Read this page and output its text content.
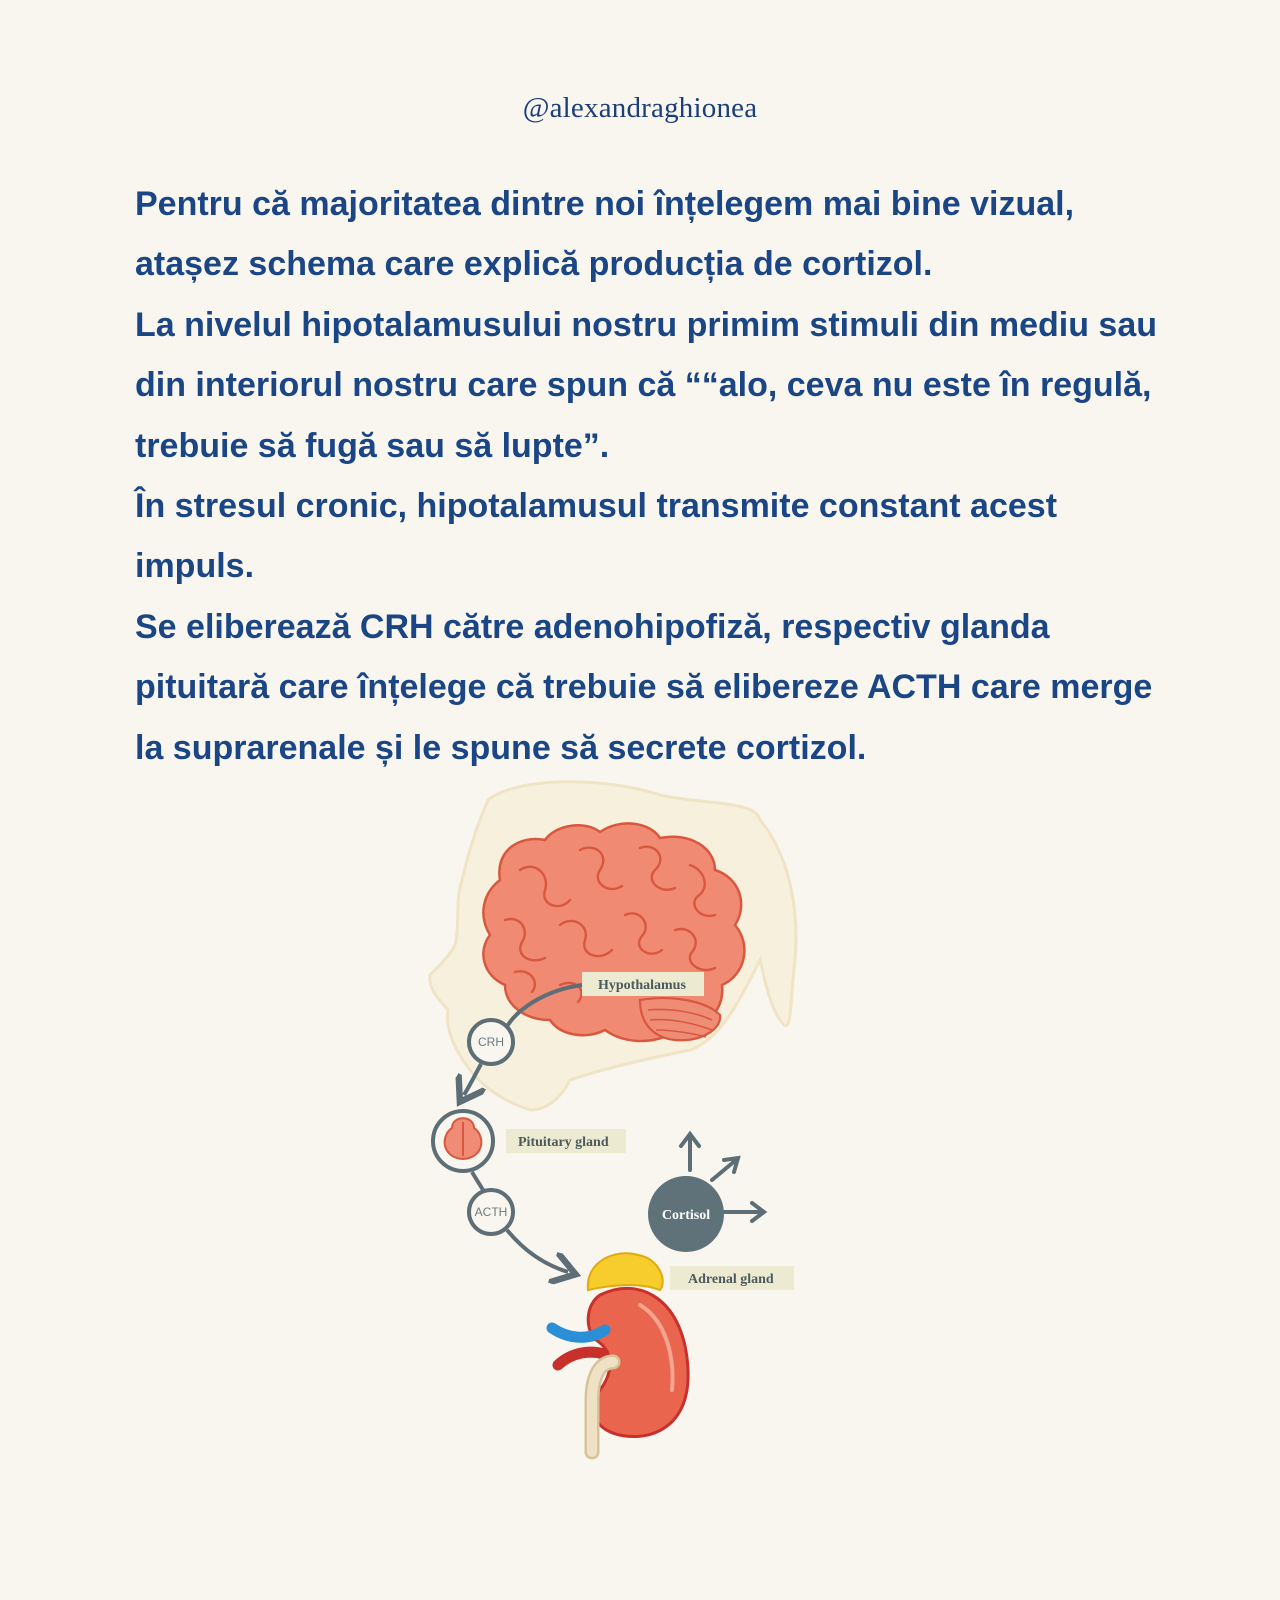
@alexandraghionea

Pentru că majoritatea dintre noi înțelegem mai bine vizual, atașez schema care explică producția de cortizol.

La nivelul hipotalamusului nostru primim stimuli din mediu sau din interiorul nostru care spun că ““alo, ceva nu este în regulă, trebuie să fugă sau să lupte”.

În stresul cronic, hipotalamusul transmite constant acest impuls.

Se eliberează CRH către adenohipofiză, respectiv glanda pituitară care înțelege că trebuie să elibereze ACTH care merge la suprarenale și le spune să secrete cortizol.

Hypothalamus
CRH
Pituitary gland
ACTH	Cortisol
Adrenal gland
